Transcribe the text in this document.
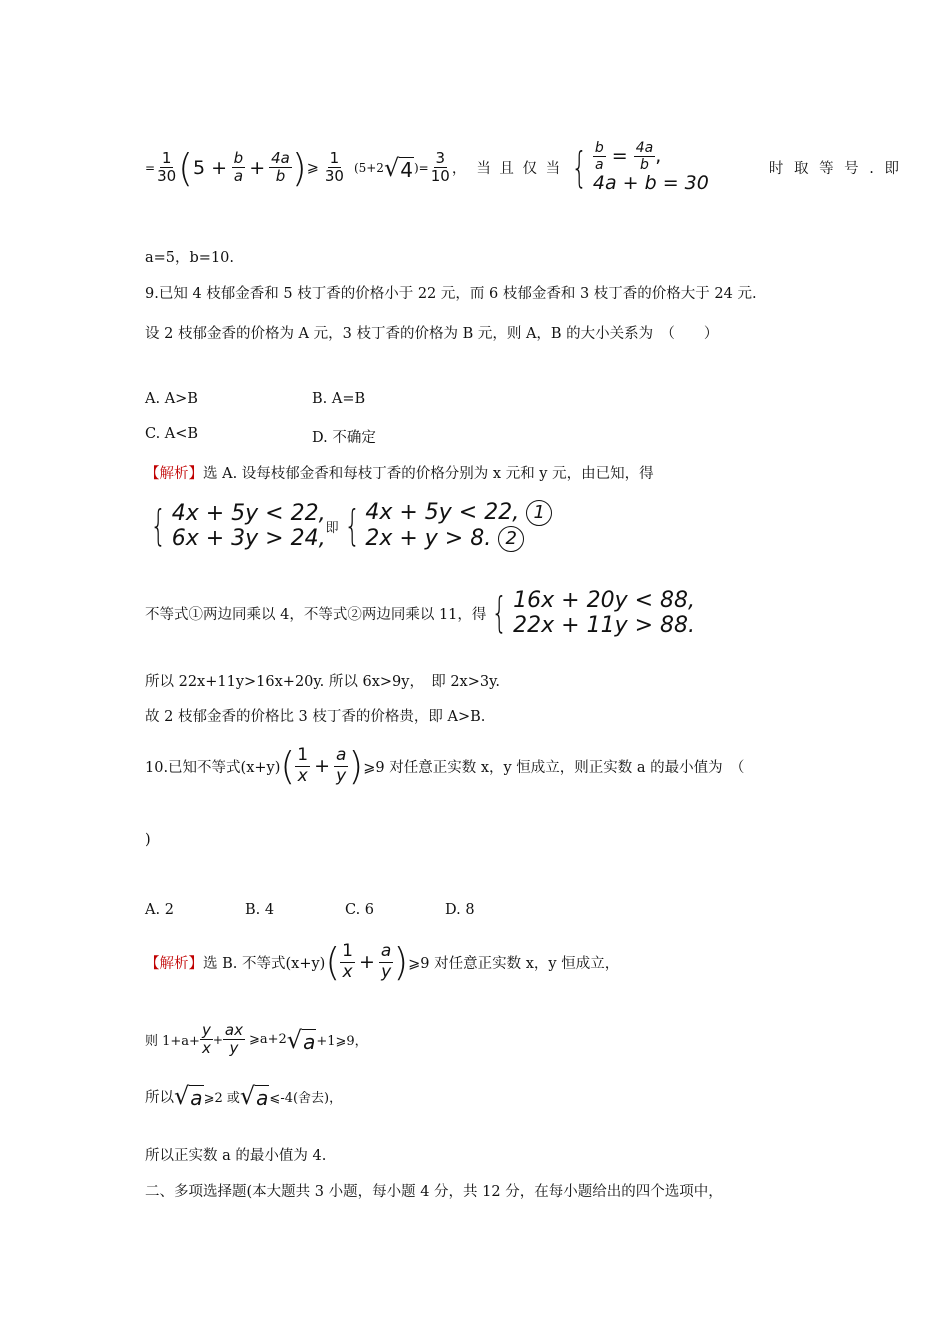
= $\frac{1}{30}$ ( 5 +
$\frac{b}{a} + \frac{4a}{b}$ ) ⩾ $\frac{1}{30} (5+2$ √ 4 )= $\frac{3}{10}$ ， 当 且 仅 当 { $\frac{b}{a} = \frac{4a}{b}$ ,
4a + b = 30
时 取 等 号 . 即
a=5，b=10.
9.已知 4 枝郁金香和 5 枝丁香的价格小于 22 元，而 6 枝郁金香和 3 枝丁香的价格大于 24 元.
设 2 枝郁金香的价格为 A 元，3 枝丁香的价格为 B 元，则 A，B 的大小关系为　（　　）
A. A>B	B. A=B
C. A<B	D. 不确定
【解析】选 A. 设每枝郁金香和每枝丁香的价格分别为 x 元和 y 元，由已知，得
{ 4x + 5y < 22,
6x + 3y > 24, 即 { 4x + 5y < 22,
1
2x + y > 8.
2
不等式①两边同乘以 4，不等式②两边同乘以 11，得 { 16x + 20y < 88,
22x + 11y > 88.
所以 22x+11y>16x+20y. 所以 6x>9y，　即 2x>3y.
故 2 枝郁金香的价格比 3 枝丁香的价格贵，即 A>B.
10.已知不等式(x+y) ( $\frac{1}{x} + \frac{a}{y}$ ) ⩾9 对任意正实数 x，y 恒成立，则正实数 a 的最小值为　（
)
A. 2	B. 4	C. 6	D. 8
【解析】 选 B. 不等式(x+y) ( $\frac{1}{x} + \frac{a}{y}$ ) ⩾9 对任意正实数 x，y 恒成立，
则 $1+a+ \frac{y}{x} + \frac{ax}{y}$ ⩾a+2 √ a +1⩾9，
所以 √ a ⩾2 或 √ a ⩽-4(舍去)，
所以正实数 a 的最小值为 4.
二、多项选择题(本大题共 3 小题，每小题 4 分，共 12 分，在每小题给出的四个选项中，
